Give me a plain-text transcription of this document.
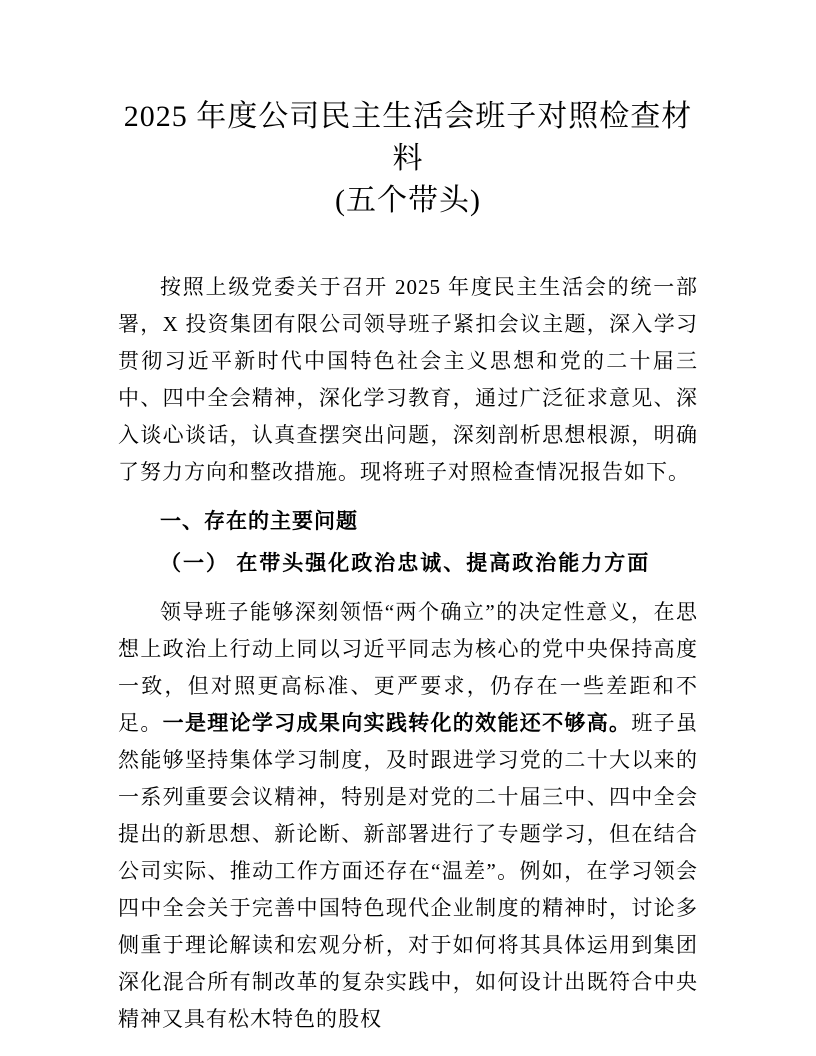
2025 年度公司民主生活会班子对照检查材料
(五个带头)

按照上级党委关于召开 2025 年度民主生活会的统一部署，X 投资集团有限公司领导班子紧扣会议主题，深入学习贯彻习近平新时代中国特色社会主义思想和党的二十届三中、四中全会精神，深化学习教育，通过广泛征求意见、深入谈心谈话，认真查摆突出问题，深刻剖析思想根源，明确了努力方向和整改措施。现将班子对照检查情况报告如下。

一、存在的主要问题
（一） 在带头强化政治忠诚、提高政治能力方面

领导班子能够深刻领悟“两个确立”的决定性意义，在思想上政治上行动上同以习近平同志为核心的党中央保持高度一致，但对照更高标准、更严要求，仍存在一些差距和不足。一是理论学习成果向实践转化的效能还不够高。班子虽然能够坚持集体学习制度，及时跟进学习党的二十大以来的一系列重要会议精神，特别是对党的二十届三中、四中全会提出的新思想、新论断、新部署进行了专题学习，但在结合公司实际、推动工作方面还存在“温差”。例如，在学习领会四中全会关于完善中国特色现代企业制度的精神时，讨论多侧重于理论解读和宏观分析，对于如何将其具体运用到集团深化混合所有制改革的复杂实践中，如何设计出既符合中央精神又具有松木特色的股权
